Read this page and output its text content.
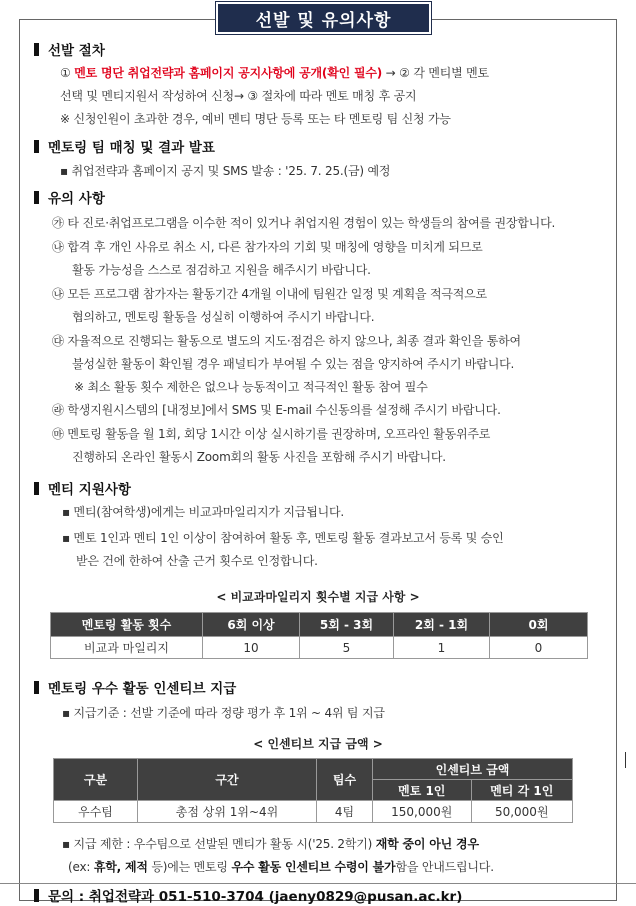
선발 및 유의사항
선발 절차
① 멘토 명단 취업전략과 홈페이지 공지사항에 공개(확인 필수) → ② 각 멘티별 멘토
선택 및 멘티지원서 작성하여 신청→ ③ 절차에 따라 멘토 매칭 후 공지
※ 신청인원이 초과한 경우, 예비 멘티 명단 등록 또는 타 멘토링 팀 신청 가능
멘토링 팀 매칭 및 결과 발표
▪ 취업전략과 홈페이지 공지 및 SMS 발송 : '25. 7. 25.(금) 예정
유의 사항
㉮ 타 진로·취업프로그램을 이수한 적이 있거나 취업지원 경험이 있는 학생들의 참여를 권장합니다.
㉯ 합격 후 개인 사유로 취소 시, 다른 참가자의 기회 및 매칭에 영향을 미치게 되므로
활동 가능성을 스스로 점검하고 지원을 해주시기 바랍니다.
㉯ 모든 프로그램 참가자는 활동기간 4개월 이내에 팀원간 일정 및 계획을 적극적으로
협의하고, 멘토링 활동을 성실히 이행하여 주시기 바랍니다.
㉰ 자율적으로 진행되는 활동으로 별도의 지도·점검은 하지 않으나, 최종 결과 확인을 통하여
불성실한 활동이 확인될 경우 패널티가 부여될 수 있는 점을 양지하여 주시기 바랍니다.
※ 최소 활동 횟수 제한은 없으나 능동적이고 적극적인 활동 참여 필수
㉱ 학생지원시스템의 [내정보]에서 SMS 및 E-mail 수신동의를 설정해 주시기 바랍니다.
㉲ 멘토링 활동을 월 1회, 회당 1시간 이상 실시하기를 권장하며, 오프라인 활동위주로
진행하되 온라인 활동시 Zoom회의 활동 사진을 포함해 주시기 바랍니다.
멘티 지원사항
▪ 멘티(참여학생)에게는 비교과마일리지가 지급됩니다.
▪ 멘토 1인과 멘티 1인 이상이 참여하여 활동 후, 멘토링 활동 결과보고서 등록 및 승인
받은 건에 한하여 산출 근거 횟수로 인정합니다.
< 비교과마일리지 횟수별 지급 사항 >
멘토링 활동 횟수	6회 이상	5회 - 3회	2회 - 1회	0회
비교과 마일리지	10	5	1	0
멘토링 우수 활동 인센티브 지급
▪ 지급기준 : 선발 기준에 따라 정량 평가 후 1위 ~ 4위 팀 지급
< 인센티브 지급 금액 >
구분	구간	팀수	인센티브 금액	
			멘토 1인	멘티 각 1인
우수팀	총점 상위 1위~4위	4팀	150,000원	50,000원
▪ 지급 제한 : 우수팀으로 선발된 멘티가 활동 시('25. 2학기) 재학 중이 아닌 경우
(ex: 휴학, 제적 등)에는 멘토링 우수 활동 인센티브 수령이 불가함을 안내드립니다.
문의 : 취업전략과 051-510-3704 (jaeny0829@pusan.ac.kr)
